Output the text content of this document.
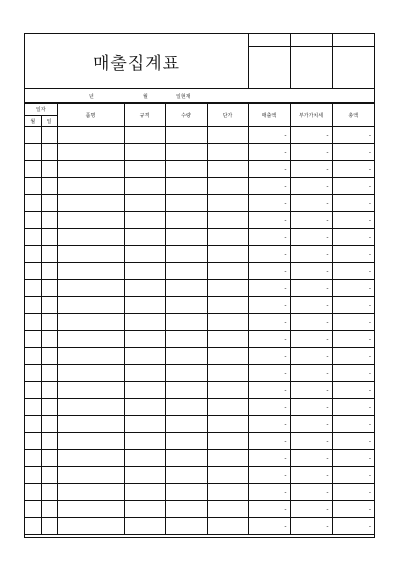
매출집계표
년	월	일현재
일자		품명	규격	수량	단가	매출액	부가가치세	총액
월	일							
						-	-	-
						-	-	-
						-	-	-
						-	-	-
						-	-	-
						-	-	-
						-	-	-
						-	-	-
						-	-	-
						-	-	-
						-	-	-
						-	-	-
						-	-	-
						-	-	-
						-	-	-
						-	-	-
						-	-	-
						-	-	-
						-	-	-
						-	-	-
						-	-	-
						-	-	-
						-	-	-
						-	-	-
